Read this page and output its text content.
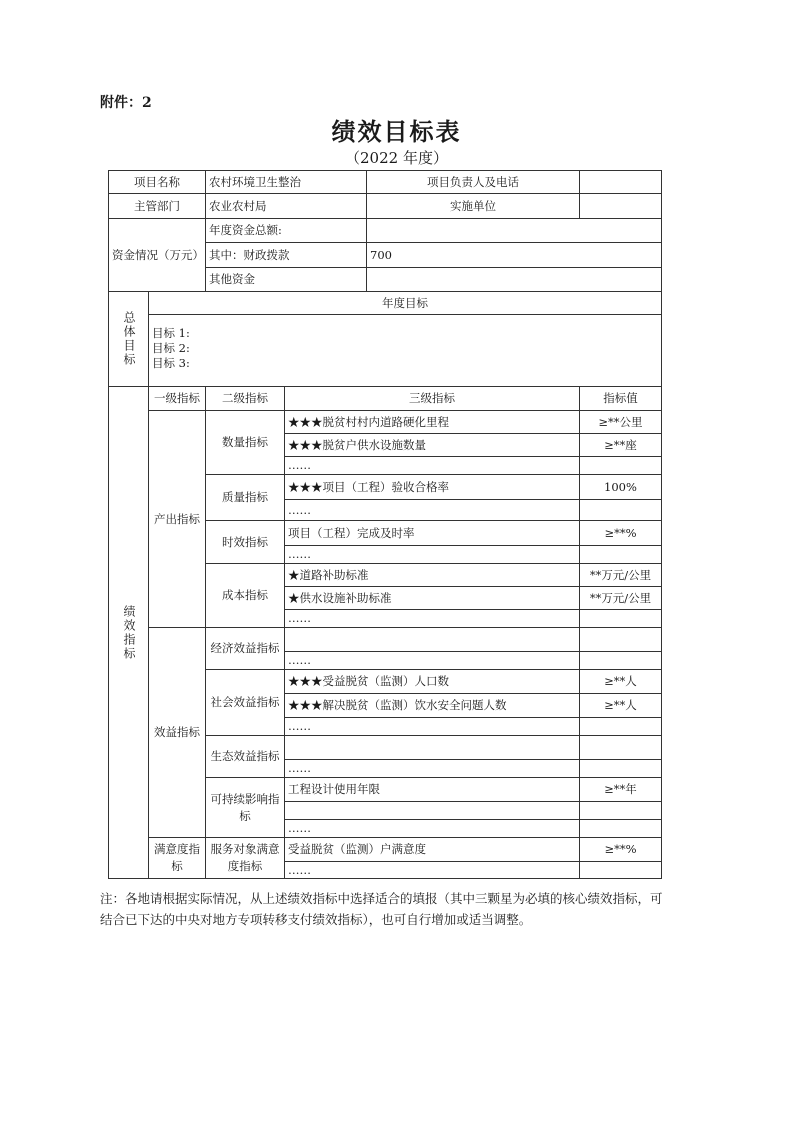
附件：2
绩效目标表
（2022 年度）
项目名称		农村环境卫生整治		项目负责人及电话	
主管部门		农业农村局		实施单位	
资金情况（万元）		年度资金总额:			
		其中：财政拨款		700	
		其他资金			

总体目标	年度目标				

	目标 1:
目标 2:
目标 3:				

绩效指标	一级指标	二级指标	三级指标		指标值
	产出指标	数量指标	★★★脱贫村村内道路硬化里程		≥**公里
			★★★脱贫户供水设施数量		≥**座
			……		
		质量指标	★★★项目（工程）验收合格率		100%
			……		
		时效指标	项目（工程）完成及时率		≥**%
			……		
		成本指标	★道路补助标准		**万元/公里
			★供水设施补助标准		**万元/公里
			……		
	效益指标	经济效益指标			
			……		
		社会效益指标	★★★受益脱贫（监测）人口数		≥**人
			★★★解决脱贫（监测）饮水安全问题人数		≥**人
			……		
		生态效益指标			
			……		
		可持续影响指标	工程设计使用年限		≥**年

			……		
	满意度指标	服务对象满意度指标	受益脱贫（监测）户满意度		≥**%
			……		
注：各地请根据实际情况，从上述绩效指标中选择适合的填报（其中三颗星为必填的核心绩效指标，可结合已下达的中央对地方专项转移支付绩效指标），也可自行增加或适当调整。
